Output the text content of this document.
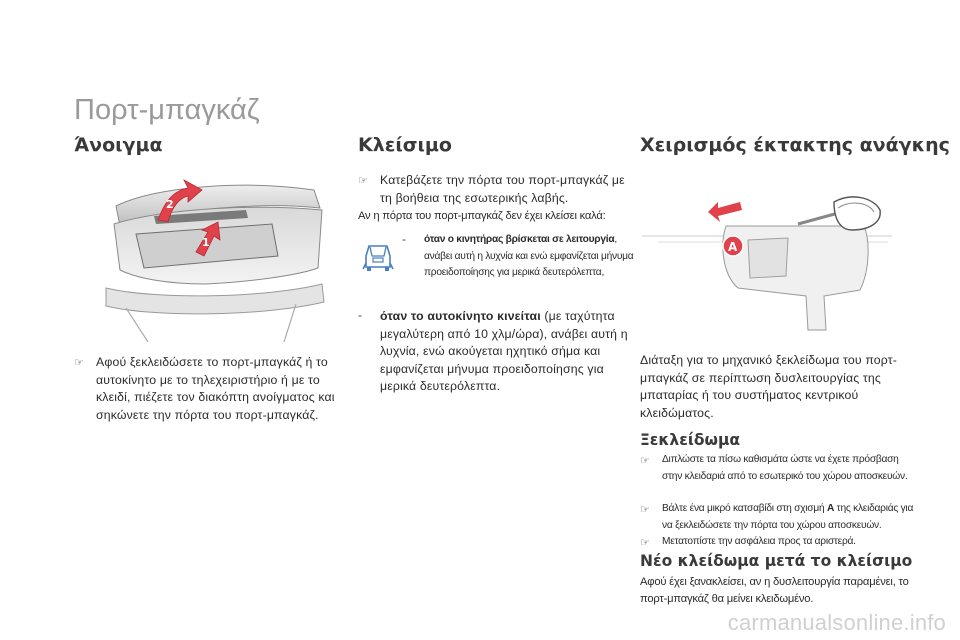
Πορτ-μπαγκάζ
Άνοιγμα
2
1
☞ Αφού ξεκλειδώσετε το πορτ-μπαγκάζ ή το αυτοκίνητο με το τηλεχειριστήριο ή με το κλειδί, πιέζετε τον διακόπτη ανοίγματος και σηκώνετε την πόρτα του πορτ-μπαγκάζ.
Κλείσιμο
☞ Κατεβάζετε την πόρτα του πορτ-μπαγκάζ με τη βοήθεια της εσωτερικής λαβής.
Αν η πόρτα του πορτ-μπαγκάζ δεν έχει κλείσει καλά:
-	όταν ο κινητήρας βρίσκεται σε λειτουργία, ανάβει αυτή η λυχνία και ενώ εμφανίζεται μήνυμα προειδοποίησης για μερικά δευτερόλεπτα,
-	όταν το αυτοκίνητο κινείται (με ταχύτητα μεγαλύτερη από 10 χλμ/ώρα), ανάβει αυτή η λυχνία, ενώ ακούγεται ηχητικό σήμα και εμφανίζεται μήνυμα προειδοποίησης για μερικά δευτερόλεπτα.
Χειρισμός έκτακτης ανάγκης
A
Διάταξη για το μηχανικό ξεκλείδωμα του πορτ-μπαγκάζ σε περίπτωση δυσλειτουργίας της μπαταρίας ή του συστήματος κεντρικού κλειδώματος.
Ξεκλείδωμα
☞	Διπλώστε τα πίσω καθισμάτα ώστε να έχετε πρόσβαση στην κλειδαριά από το εσωτερικό του χώρου αποσκευών.
☞	Βάλτε ένα μικρό κατσαβίδι στη σχισμή A της κλειδαριάς για να ξεκλειδώσετε την πόρτα του χώρου αποσκευών.
☞	Μετατοπίστε την ασφάλεια προς τα αριστερά.
Νέο κλείδωμα μετά το κλείσιμο
Αφού έχει ξανακλείσει, αν η δυσλειτουργία παραμένει, το πορτ-μπαγκάζ θα μείνει κλειδωμένο.
carmanualsonline.info
